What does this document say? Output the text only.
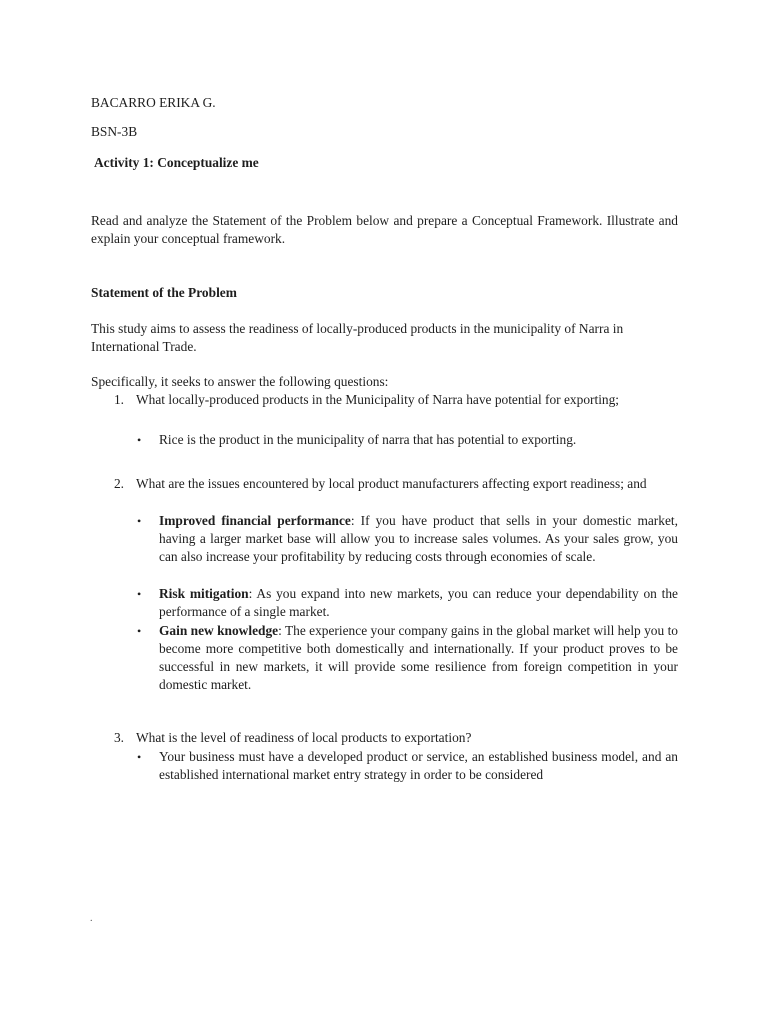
BACARRO ERIKA G.

BSN-3B

Activity 1: Conceptualize me

Read and analyze the Statement of the Problem below and prepare a Conceptual Framework. Illustrate and explain your conceptual framework.

Statement of the Problem

This study aims to assess the readiness of locally-produced products in the municipality of Narra in International Trade.

Specifically, it seeks to answer the following questions:

1. What locally-produced products in the Municipality of Narra have potential for exporting;

• Rice is the product in the municipality of narra that has potential to exporting.

2. What are the issues encountered by local product manufacturers affecting export readiness; and

• Improved financial performance: If you have product that sells in your domestic market, having a larger market base will allow you to increase sales volumes. As your sales grow, you can also increase your profitability by reducing costs through economies of scale.

• Risk mitigation: As you expand into new markets, you can reduce your dependability on the performance of a single market.

• Gain new knowledge: The experience your company gains in the global market will help you to become more competitive both domestically and internationally. If your product proves to be successful in new markets, it will provide some resilience from foreign competition in your domestic market.

3. What is the level of readiness of local products to exportation?

• Your business must have a developed product or service, an established business model, and an established international market entry strategy in order to be considered

.
